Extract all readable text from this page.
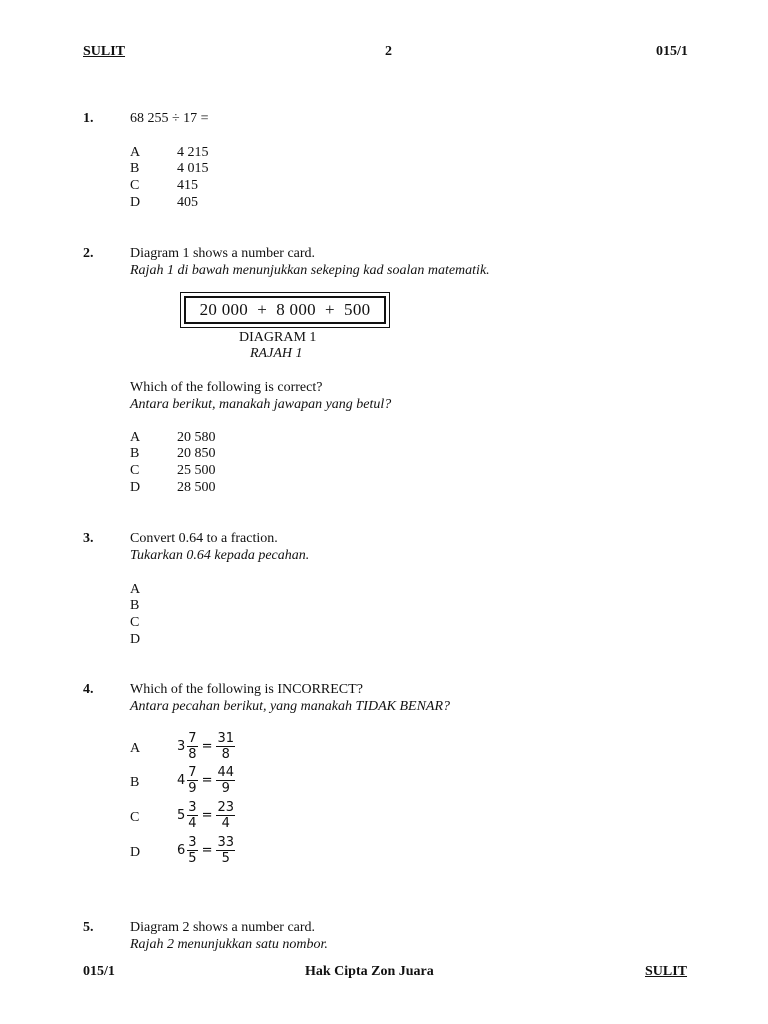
SULIT	2	015/1
1.	68 255 ÷ 17 =
A	4 215
B	4 015
C	415
D	405
2.	Diagram 1 shows a number card.
Rajah 1 di bawah menunjukkan sekeping kad soalan matematik.
20 000  +  8 000  +  500
DIAGRAM 1
RAJAH 1
Which of the following is correct?
Antara berikut, manakah jawapan yang betul?
A	20 580
B	20 850
C	25 500
D	28 500
3.	Convert 0.64 to a fraction.
Tukarkan 0.64 kepada pecahan.
A
B
C
D
4.	Which of the following is INCORRECT?
Antara pecahan berikut, yang manakah TIDAK BENAR?
A	$3 \frac{7}{8} = \frac{31}{8}$
B	$4 \frac{7}{9} = \frac{44}{9}$
C	$5 \frac{3}{4} = \frac{23}{4}$
D	$6 \frac{3}{5} = \frac{33}{5}$
5.	Diagram 2 shows a number card.
Rajah 2 menunjukkan satu nombor.
015/1	Hak Cipta Zon Juara	SULIT
